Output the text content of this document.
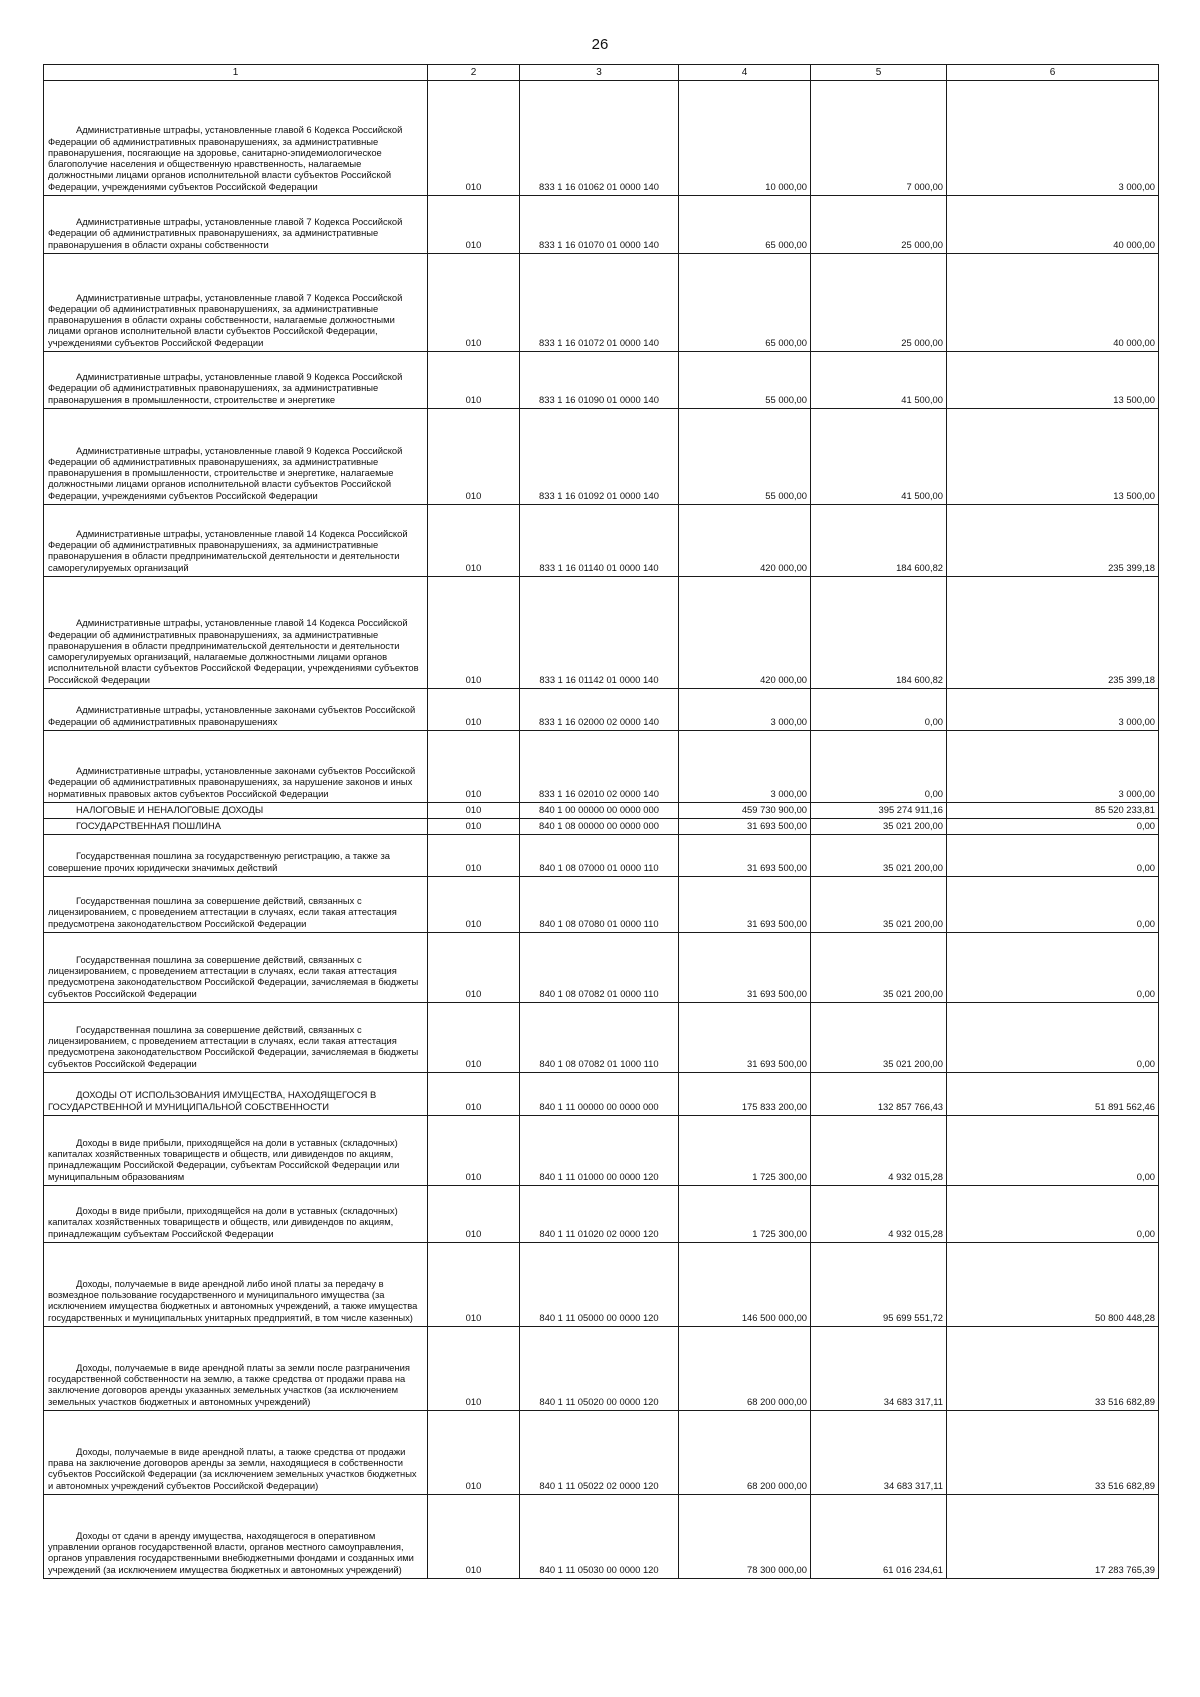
26
1	2	3	4	5	6

Административные штрафы, установленные главой 6 Кодекса Российской Федерации об административных правонарушениях, за административные правонарушения, посягающие на здоровье, санитарно-эпидемиологическое благополучие населения и общественную нравственность, налагаемые должностными лицами органов исполнительной власти субъектов Российской Федерации, учреждениями субъектов Российской Федерации	010	833 1 16 01062 01 0000 140	10 000,00	7 000,00	3 000,00

Административные штрафы, установленные главой 7 Кодекса Российской Федерации об административных правонарушениях, за административные правонарушения в области охраны собственности	010	833 1 16 01070 01 0000 140	65 000,00	25 000,00	40 000,00

Административные штрафы, установленные главой 7 Кодекса Российской Федерации об административных правонарушениях, за административные правонарушения в области охраны собственности, налагаемые должностными лицами органов исполнительной власти субъектов Российской Федерации, учреждениями субъектов Российской Федерации	010	833 1 16 01072 01 0000 140	65 000,00	25 000,00	40 000,00

Административные штрафы, установленные главой 9 Кодекса Российской Федерации об административных правонарушениях, за административные правонарушения в промышленности, строительстве и энергетике	010	833 1 16 01090 01 0000 140	55 000,00	41 500,00	13 500,00

Административные штрафы, установленные главой 9 Кодекса Российской Федерации об административных правонарушениях, за административные правонарушения в промышленности, строительстве и энергетике, налагаемые должностными лицами органов исполнительной власти субъектов Российской Федерации, учреждениями субъектов Российской Федерации	010	833 1 16 01092 01 0000 140	55 000,00	41 500,00	13 500,00

Административные штрафы, установленные главой 14 Кодекса Российской Федерации об административных правонарушениях, за административные правонарушения в области предпринимательской деятельности и деятельности саморегулируемых организаций	010	833 1 16 01140 01 0000 140	420 000,00	184 600,82	235 399,18

Административные штрафы, установленные главой 14 Кодекса Российской Федерации об административных правонарушениях, за административные правонарушения в области предпринимательской деятельности и деятельности саморегулируемых организаций, налагаемые должностными лицами органов исполнительной власти субъектов Российской Федерации, учреждениями субъектов Российской Федерации	010	833 1 16 01142 01 0000 140	420 000,00	184 600,82	235 399,18

Административные штрафы, установленные законами субъектов Российской Федерации об административных правонарушениях	010	833 1 16 02000 02 0000 140	3 000,00	0,00	3 000,00

Административные штрафы, установленные законами субъектов Российской Федерации об административных правонарушениях, за нарушение законов и иных нормативных правовых актов субъектов Российской Федерации	010	833 1 16 02010 02 0000 140	3 000,00	0,00	3 000,00

НАЛОГОВЫЕ И НЕНАЛОГОВЫЕ ДОХОДЫ	010	840 1 00 00000 00 0000 000	459 730 900,00	395 274 911,16	85 520 233,81

ГОСУДАРСТВЕННАЯ ПОШЛИНА	010	840 1 08 00000 00 0000 000	31 693 500,00	35 021 200,00	0,00

Государственная пошлина за государственную регистрацию, а также за совершение прочих юридически значимых действий	010	840 1 08 07000 01 0000 110	31 693 500,00	35 021 200,00	0,00

Государственная пошлина за совершение действий, связанных с лицензированием, с проведением аттестации в случаях, если такая аттестация предусмотрена законодательством Российской Федерации	010	840 1 08 07080 01 0000 110	31 693 500,00	35 021 200,00	0,00

Государственная пошлина за совершение действий, связанных с лицензированием, с проведением аттестации в случаях, если такая аттестация предусмотрена законодательством Российской Федерации, зачисляемая в бюджеты субъектов Российской Федерации	010	840 1 08 07082 01 0000 110	31 693 500,00	35 021 200,00	0,00

Государственная пошлина за совершение действий, связанных с лицензированием, с проведением аттестации в случаях, если такая аттестация предусмотрена законодательством Российской Федерации, зачисляемая в бюджеты субъектов Российской Федерации	010	840 1 08 07082 01 1000 110	31 693 500,00	35 021 200,00	0,00

ДОХОДЫ ОТ ИСПОЛЬЗОВАНИЯ ИМУЩЕСТВА, НАХОДЯЩЕГОСЯ В ГОСУДАРСТВЕННОЙ И МУНИЦИПАЛЬНОЙ СОБСТВЕННОСТИ	010	840 1 11 00000 00 0000 000	175 833 200,00	132 857 766,43	51 891 562,46

Доходы в виде прибыли, приходящейся на доли в уставных (складочных) капиталах хозяйственных товариществ и обществ, или дивидендов по акциям, принадлежащим Российской Федерации, субъектам Российской Федерации или муниципальным образованиям	010	840 1 11 01000 00 0000 120	1 725 300,00	4 932 015,28	0,00

Доходы в виде прибыли, приходящейся на доли в уставных (складочных) капиталах хозяйственных товариществ и обществ, или дивидендов по акциям, принадлежащим субъектам Российской Федерации	010	840 1 11 01020 02 0000 120	1 725 300,00	4 932 015,28	0,00

Доходы, получаемые в виде арендной либо иной платы за передачу в возмездное пользование государственного и муниципального имущества (за исключением имущества бюджетных и автономных учреждений, а также имущества государственных и муниципальных унитарных предприятий, в том числе казенных)	010	840 1 11 05000 00 0000 120	146 500 000,00	95 699 551,72	50 800 448,28

Доходы, получаемые в виде арендной платы за земли после разграничения государственной собственности на землю, а также средства от продажи права на заключение договоров аренды указанных земельных участков (за исключением земельных участков бюджетных и автономных учреждений)	010	840 1 11 05020 00 0000 120	68 200 000,00	34 683 317,11	33 516 682,89

Доходы, получаемые в виде арендной платы, а также средства от продажи права на заключение договоров аренды за земли, находящиеся в собственности субъектов Российской Федерации (за исключением земельных участков бюджетных и автономных учреждений субъектов Российской Федерации)	010	840 1 11 05022 02 0000 120	68 200 000,00	34 683 317,11	33 516 682,89

Доходы от сдачи в аренду имущества, находящегося в оперативном управлении органов государственной власти, органов местного самоуправления, органов управления государственными внебюджетными фондами и созданных ими учреждений (за исключением имущества бюджетных и автономных учреждений)	010	840 1 11 05030 00 0000 120	78 300 000,00	61 016 234,61	17 283 765,39
